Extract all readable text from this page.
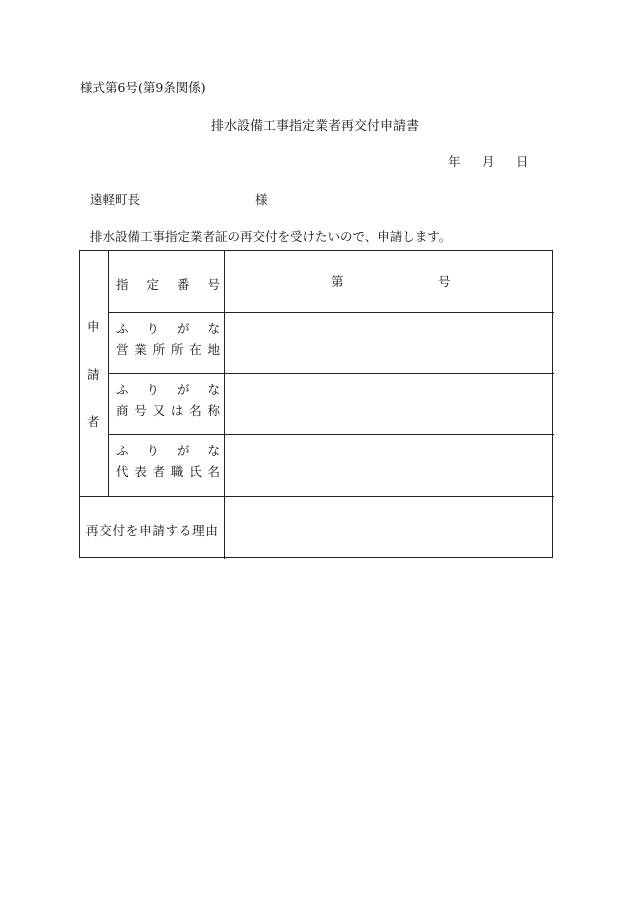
様式第6号(第9条関係)
排水設備工事指定業者再交付申請書
年 月 日
遠軽町長	様
排水設備工事指定業者証の再交付を受けたいので、申請します。
申
請
者
指 定 番 号	第	号
ふ り が な
営 業 所 所 在 地
ふ り が な
商 号 又 は 名 称
ふ り が な
代 表 者 職 氏 名
再 交 付 を 申 請 す る 理 由
